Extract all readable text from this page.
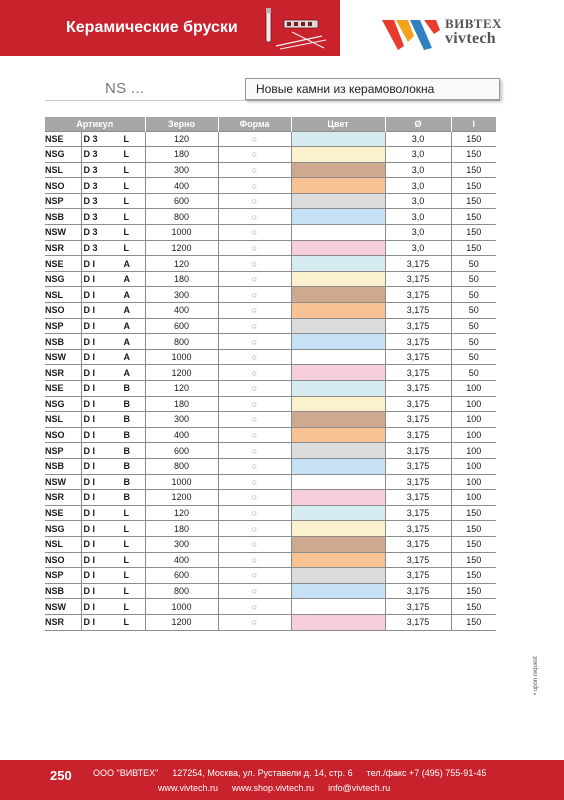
Керамические бруски	ВИВТЕХ
vivtech
NS ...	Новые камни из керамоволокна
Артикул		Зерно	Форма	Цвет	Ø	l
NSE	D 3 L	120	○		3,0	150
NSG	D 3 L	180	○		3,0	150
NSL	D 3 L	300	○		3,0	150
NSO	D 3 L	400	○		3,0	150
NSP	D 3 L	600	○		3,0	150
NSB	D 3 L	800	○		3,0	150
NSW	D 3 L	1000	○		3,0	150
NSR	D 3 L	1200	○		3,0	150
NSE	D I A	120	○		3,175	50
NSG	D I A	180	○		3,175	50
NSL	D I A	300	○		3,175	50
NSO	D I A	400	○		3,175	50
NSP	D I A	600	○		3,175	50
NSB	D I A	800	○		3,175	50
NSW	D I A	1000	○		3,175	50
NSR	D I A	1200	○		3,175	50
NSE	D I B	120	○		3,175	100
NSG	D I B	180	○		3,175	100
NSL	D I B	300	○		3,175	100
NSO	D I B	400	○		3,175	100
NSP	D I B	600	○		3,175	100
NSB	D I B	800	○		3,175	100
NSW	D I B	1000	○		3,175	100
NSR	D I B	1200	○		3,175	100
NSE	D I L	120	○		3,175	150
NSG	D I L	180	○		3,175	150
NSL	D I L	300	○		3,175	150
NSO	D I L	400	○		3,175	150
NSP	D I L	600	○		3,175	150
NSB	D I L	800	○		3,175	150
NSW	D I L	1000	○		3,175	150
NSR	D I L	1200	○		3,175	150
• upon request
250 ООО "ВИВТЕХ" 127254, Москва, ул. Руставели д. 14, стр. 6 тел./факс +7 (495) 755-91-45
www.vivtech.ru www.shop.vivtech.ru info@vivtech.ru
